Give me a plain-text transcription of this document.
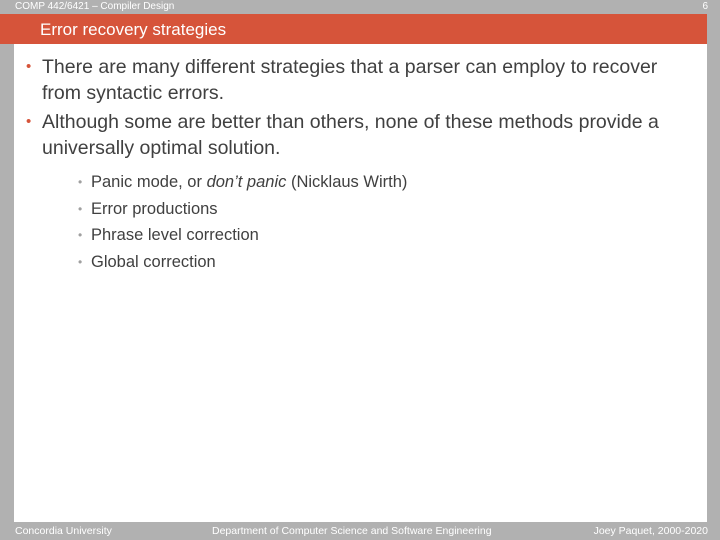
COMP 442/6421 – Compiler Design	6
Error recovery strategies
• There are many different strategies that a parser can employ to recover from syntactic errors.
• Although some are better than others, none of these methods provide a universally optimal solution.
• Panic mode, or don’t panic (Nicklaus Wirth)
• Error productions
• Phrase level correction
• Global correction
Concordia University	Department of Computer Science and Software Engineering	Joey Paquet, 2000-2020
